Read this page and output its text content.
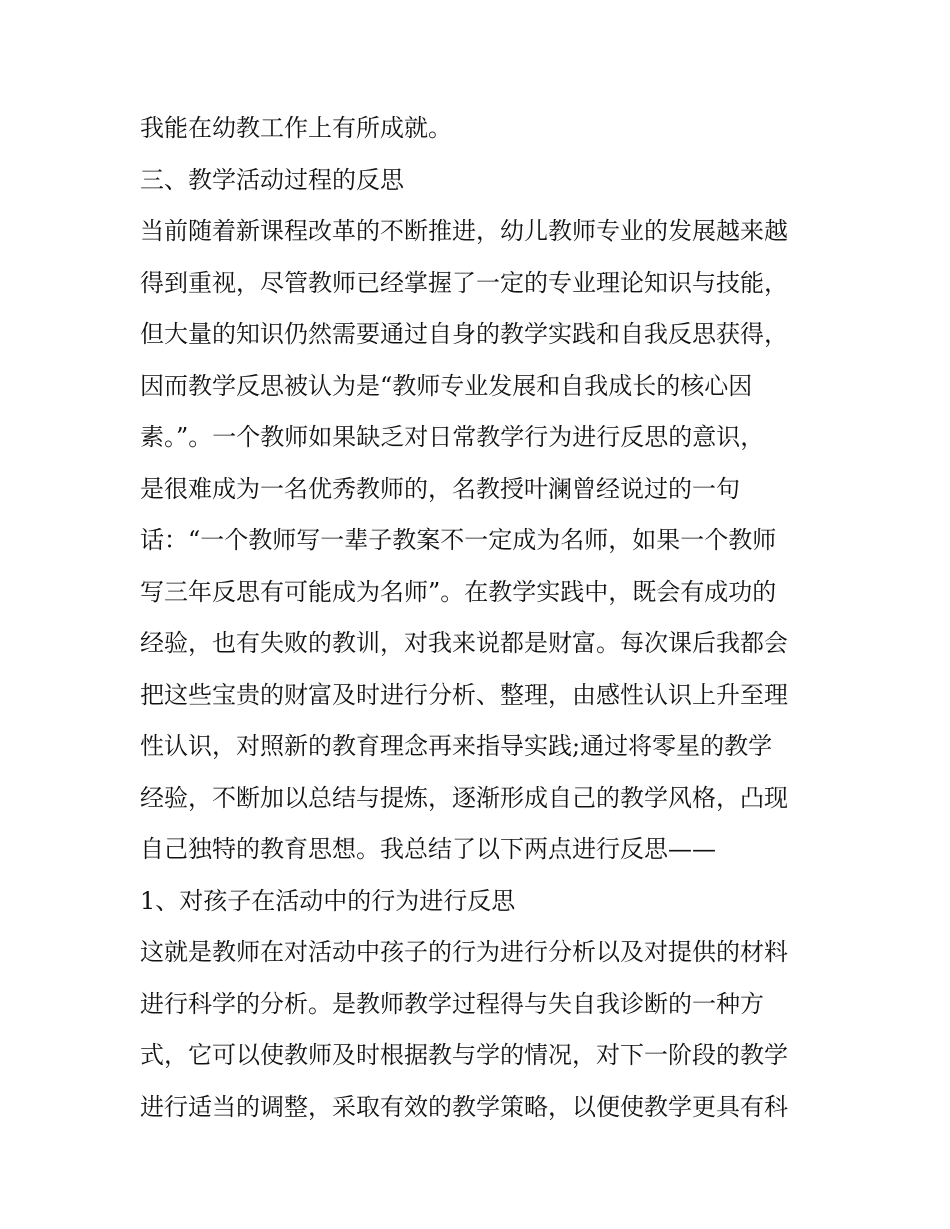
我能在幼教工作上有所成就。
三、教学活动过程的反思
当前随着新课程改革的不断推进，幼儿教师专业的发展越来越
得到重视，尽管教师已经掌握了一定的专业理论知识与技能，
但大量的知识仍然需要通过自身的教学实践和自我反思获得，
因而教学反思被认为是“教师专业发展和自我成长的核心因
素。”。一个教师如果缺乏对日常教学行为进行反思的意识，
是很难成为一名优秀教师的，名教授叶澜曾经说过的一句
话：“一个教师写一辈子教案不一定成为名师，如果一个教师
写三年反思有可能成为名师”。在教学实践中，既会有成功的
经验，也有失败的教训，对我来说都是财富。每次课后我都会
把这些宝贵的财富及时进行分析、整理，由感性认识上升至理
性认识，对照新的教育理念再来指导实践;通过将零星的教学
经验，不断加以总结与提炼，逐渐形成自己的教学风格，凸现
自己独特的教育思想。我总结了以下两点进行反思——
1、对孩子在活动中的行为进行反思
这就是教师在对活动中孩子的行为进行分析以及对提供的材料
进行科学的分析。是教师教学过程得与失自我诊断的一种方
式，它可以使教师及时根据教与学的情况，对下一阶段的教学
进行适当的调整，采取有效的教学策略，以便使教学更具有科
